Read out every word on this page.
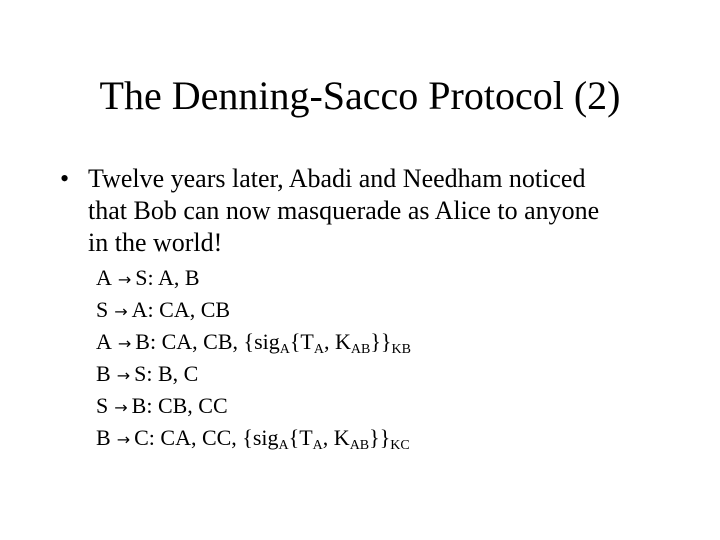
The Denning-Sacco Protocol (2)
• Twelve years later, Abadi and Needham noticed
that Bob can now masquerade as Alice to anyone
in the world!
A → S: A, B
S → A: CA, CB
A → B: CA, CB, {$sig_A\{T_A$, $K_{AB}\}\}_{KB}$
B → S: B, C
S → B: CB, CC
B → C: CA, CC, {$sig_A\{T_A$, $K_{AB}\}\}_{KC}$
